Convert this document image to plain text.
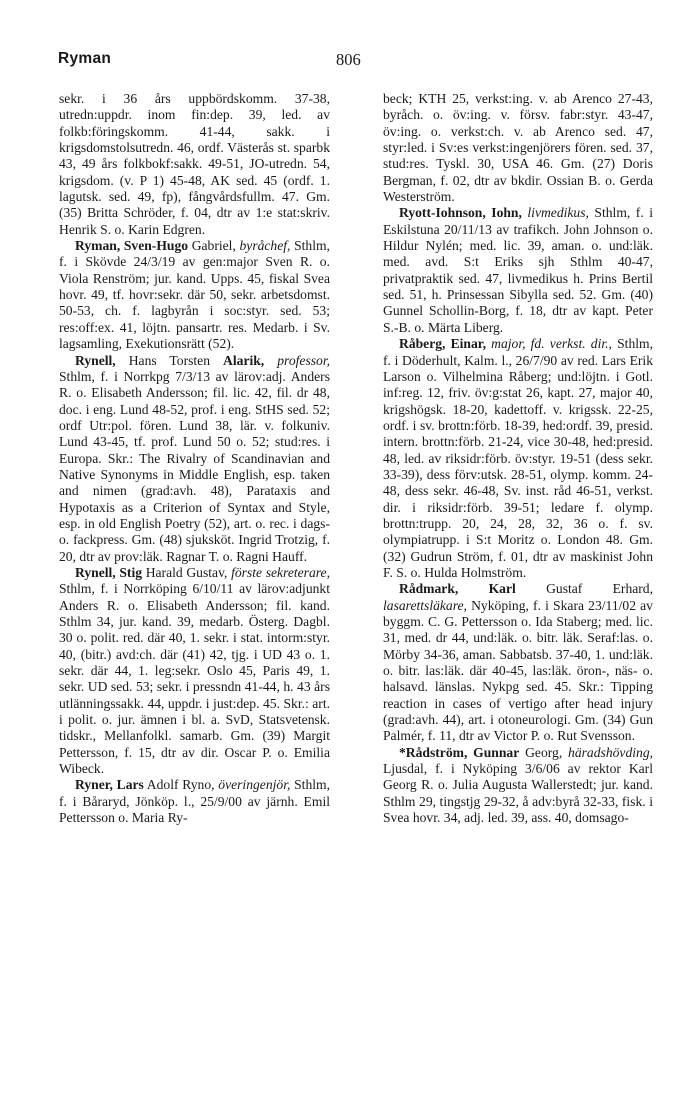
Ryman	806

sekr. i 36 års uppbördskomm. 37-38, utredn:uppdr. inom fin:dep. 39, led. av folkb:föringskomm. 41-44, sakk. i krigsdomstolsutredn. 46, ordf. Västerås st. sparbk 43, 49 års folkbokf:sakk. 49-51, JO-utredn. 54, krigsdom. (v. P 1) 45-48, AK sed. 45 (ordf. 1. lagutsk. sed. 49, fp), fångvårdsfullm. 47. Gm. (35) Britta Schröder, f. 04, dtr av 1:e stat:skriv. Henrik S. o. Karin Edgren.

Ryman, Sven-Hugo Gabriel, byråchef, Sthlm, f. i Skövde 24/3/19 av gen:major Sven R. o. Viola Renström; jur. kand. Upps. 45, fiskal Svea hovr. 49, tf. hovr:sekr. där 50, sekr. arbetsdomst. 50-53, ch. f. lagbyrån i soc:styr. sed. 53; res:off:ex. 41, löjtn. pansartr. res. Medarb. i Sv. lagsamling, Exekutionsrätt (52).

Rynell, Hans Torsten Alarik, professor, Sthlm, f. i Norrkpg 7/3/13 av lärov:adj. Anders R. o. Elisabeth Andersson; fil. lic. 42, fil. dr 48, doc. i eng. Lund 48-52, prof. i eng. StHS sed. 52; ordf Utr:pol. fören. Lund 38, lär. v. folkuniv. Lund 43-45, tf. prof. Lund 50 o. 52; stud:res. i Europa. Skr.: The Rivalry of Scandinavian and Native Synonyms in Middle English, esp. taken and nimen (grad:avh. 48), Parataxis and Hypotaxis as a Criterion of Syntax and Style, esp. in old English Poetry (52), art. o. rec. i dags- o. fackpress. Gm. (48) sjuksköt. Ingrid Trotzig, f. 20, dtr av prov:läk. Ragnar T. o. Ragni Hauff.

Rynell, Stig Harald Gustav, förste sekreterare, Sthlm, f. i Norrköping 6/10/11 av lärov:adjunkt Anders R. o. Elisabeth Andersson; fil. kand. Sthlm 34, jur. kand. 39, medarb. Österg. Dagbl. 30 o. polit. red. där 40, 1. sekr. i stat. intorm:styr. 40, (bitr.) avd:ch. där (41) 42, tjg. i UD 43 o. 1. sekr. där 44, 1. leg:sekr. Oslo 45, Paris 49, 1. sekr. UD sed. 53; sekr. i pressndn 41-44, h. 43 års utlänningssakk. 44, uppdr. i just:dep. 45. Skr.: art. i polit. o. jur. ämnen i bl. a. SvD, Statsvetensk. tidskr., Mellanfolkl. samarb. Gm. (39) Margit Pettersson, f. 15, dtr av dir. Oscar P. o. Emilia Wibeck.

Ryner, Lars Adolf Ryno, överingenjör, Sthlm, f. i Båraryd, Jönköp. l., 25/9/00 av järnh. Emil Pettersson o. Maria Ry-

beck; KTH 25, verkst:ing. v. ab Arenco 27-43, byråch. o. öv:ing. v. försv. fabr:styr. 43-47, öv:ing. o. verkst:ch. v. ab Arenco sed. 47, styr:led. i Sv:es verkst:ingenjörers fören. sed. 37, stud:res. Tyskl. 30, USA 46. Gm. (27) Doris Bergman, f. 02, dtr av bkdir. Ossian B. o. Gerda Westerström.

Ryott-Iohnson, Iohn, livmedikus, Sthlm, f. i Eskilstuna 20/11/13 av trafikch. John Johnson o. Hildur Nylén; med. lic. 39, aman. o. und:läk. med. avd. S:t Eriks sjh Sthlm 40-47, privatpraktik sed. 47, livmedikus h. Prins Bertil sed. 51, h. Prinsessan Sibylla sed. 52. Gm. (40) Gunnel Schollin-Borg, f. 18, dtr av kapt. Peter S.-B. o. Märta Liberg.

Råberg, Einar, major, fd. verkst. dir., Sthlm, f. i Döderhult, Kalm. l., 26/7/90 av red. Lars Erik Larson o. Vilhelmina Råberg; und:löjtn. i Gotl. inf:reg. 12, friv. öv:g:stat 26, kapt. 27, major 40, krigshögsk. 18-20, kadettoff. v. krigssk. 22-25, ordf. i sv. brottn:förb. 18-39, hed:ordf. 39, presid. intern. brottn:förb. 21-24, vice 30-48, hed:presid. 48, led. av riksidr:förb. öv:styr. 19-51 (dess sekr. 33-39), dess förv:utsk. 28-51, olymp. komm. 24-48, dess sekr. 46-48, Sv. inst. råd 46-51, verkst. dir. i riksidr:förb. 39-51; ledare f. olymp. brottn:trupp. 20, 24, 28, 32, 36 o. f. sv. olympiatrupp. i S:t Moritz o. London 48. Gm. (32) Gudrun Ström, f. 01, dtr av maskinist John F. S. o. Hulda Holmström.

Rådmark, Karl Gustaf Erhard, lasarettsläkare, Nyköping, f. i Skara 23/11/02 av byggm. C. G. Pettersson o. Ida Staberg; med. lic. 31, med. dr 44, und:läk. o. bitr. läk. Seraf:las. o. Mörby 34-36, aman. Sabbatsb. 37-40, 1. und:läk. o. bitr. las:läk. där 40-45, las:läk. öron-, näs- o. halsavd. länslas. Nykpg sed. 45. Skr.: Tipping reaction in cases of vertigo after head injury (grad:avh. 44), art. i otoneurologi. Gm. (34) Gun Palmér, f. 11, dtr av Victor P. o. Rut Svensson.

*Rådström, Gunnar Georg, häradshövding, Ljusdal, f. i Nyköping 3/6/06 av rektor Karl Georg R. o. Julia Augusta Wallerstedt; jur. kand. Sthlm 29, tingstjg 29-32, å adv:byrå 32-33, fisk. i Svea hovr. 34, adj. led. 39, ass. 40, domsago-
